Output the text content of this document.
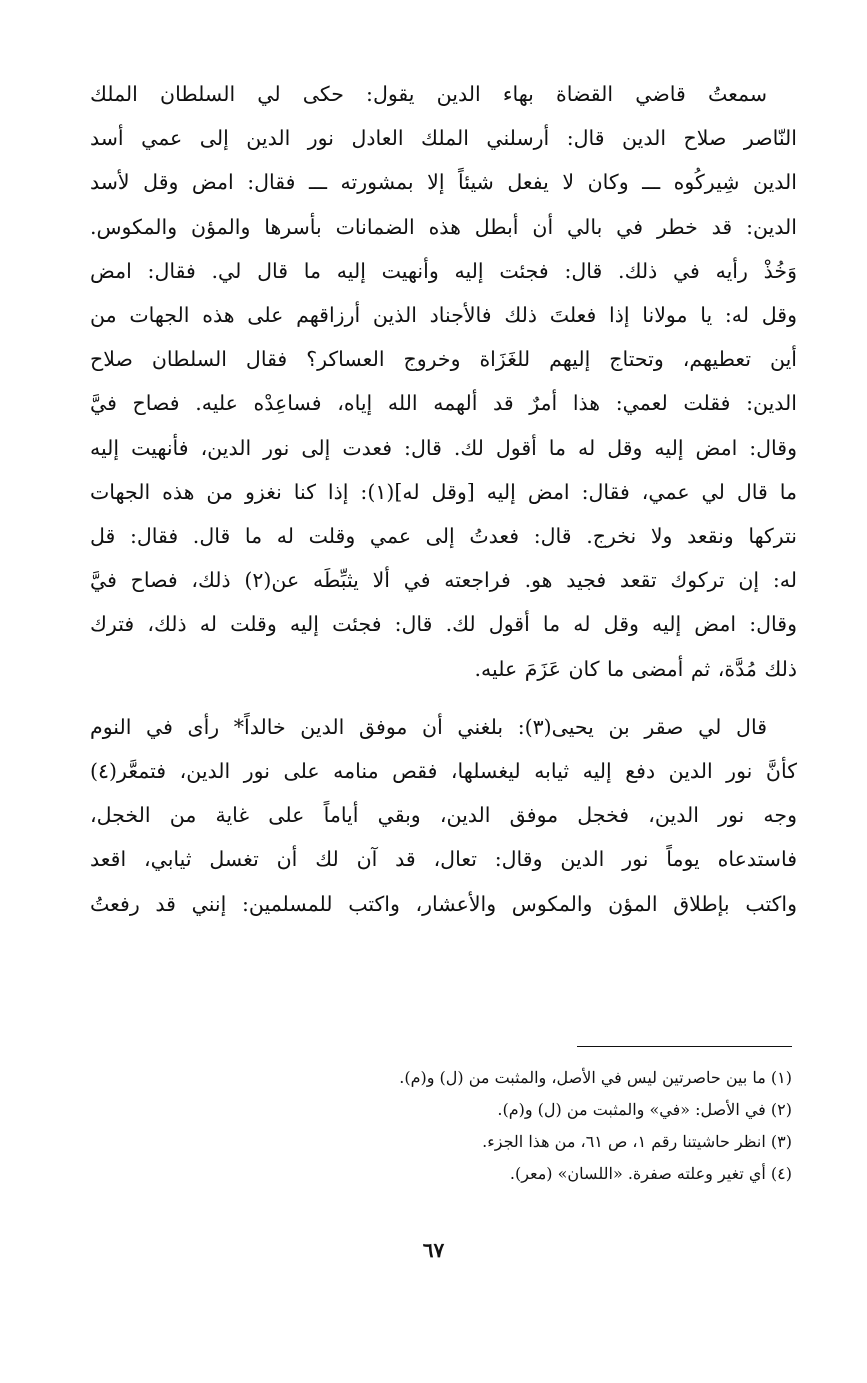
سمعتُ قاضي القضاة بهاء الدين يقول: حكى لي السلطان الملك
النّاصر صلاح الدين قال: أرسلني الملك العادل نور الدين إلى عمي أسد
الدين شِيركُوه ـــ وكان لا يفعل شيئاً إلا بمشورته ـــ فقال: امض وقل لأسد
الدين: قد خطر في بالي أن أبطل هذه الضمانات بأسرها والمؤن والمكوس.
وَخُذْ رأيه في ذلك. قال: فجئت إليه وأنهيت إليه ما قال لي. فقال: امض
وقل له: يا مولانا إذا فعلتَ ذلك فالأجناد الذين أرزاقهم على هذه الجهات من
أين تعطيهم، وتحتاج إليهم للغَزَاة وخروج العساكر؟ فقال السلطان صلاح
الدين: فقلت لعمي: هذا أمرٌ قد ألهمه الله إياه، فساعِدْه عليه. فصاح فيَّ
وقال: امض إليه وقل له ما أقول لك. قال: فعدت إلى نور الدين، فأنهيت إليه
ما قال لي عمي، فقال: امض إليه [وقل له](١): إذا كنا نغزو من هذه الجهات
نتركها ونقعد ولا نخرج. قال: فعدتُ إلى عمي وقلت له ما قال. فقال: قل
له: إن تركوك تقعد فجيد هو. فراجعته في ألا يثبِّطَه عن(٢) ذلك، فصاح فيَّ
وقال: امض إليه وقل له ما أقول لك. قال: فجئت إليه وقلت له ذلك، فترك
ذلك مُدَّة، ثم أمضى ما كان عَزَمَ عليه.

قال لي صقر بن يحيى(٣): بلغني أن موفق الدين خالداً* رأى في النوم
كأنَّ نور الدين دفع إليه ثيابه ليغسلها، فقص منامه على نور الدين، فتمعَّر(٤)
وجه نور الدين، فخجل موفق الدين، وبقي أياماً على غاية من الخجل،
فاستدعاه يوماً نور الدين وقال: تعال، قد آن لك أن تغسل ثيابي، اقعد
واكتب بإطلاق المؤن والمكوس والأعشار، واكتب للمسلمين: إنني قد رفعتُ

(١) ما بين حاصرتين ليس في الأصل، والمثبت من (ل) و(م).
(٢) في الأصل: «في» والمثبت من (ل) و(م).
(٣) انظر حاشيتنا رقم ١، ص ٦١، من هذا الجزء.
(٤) أي تغير وعلته صفرة. «اللسان» (معر).
٦٧
